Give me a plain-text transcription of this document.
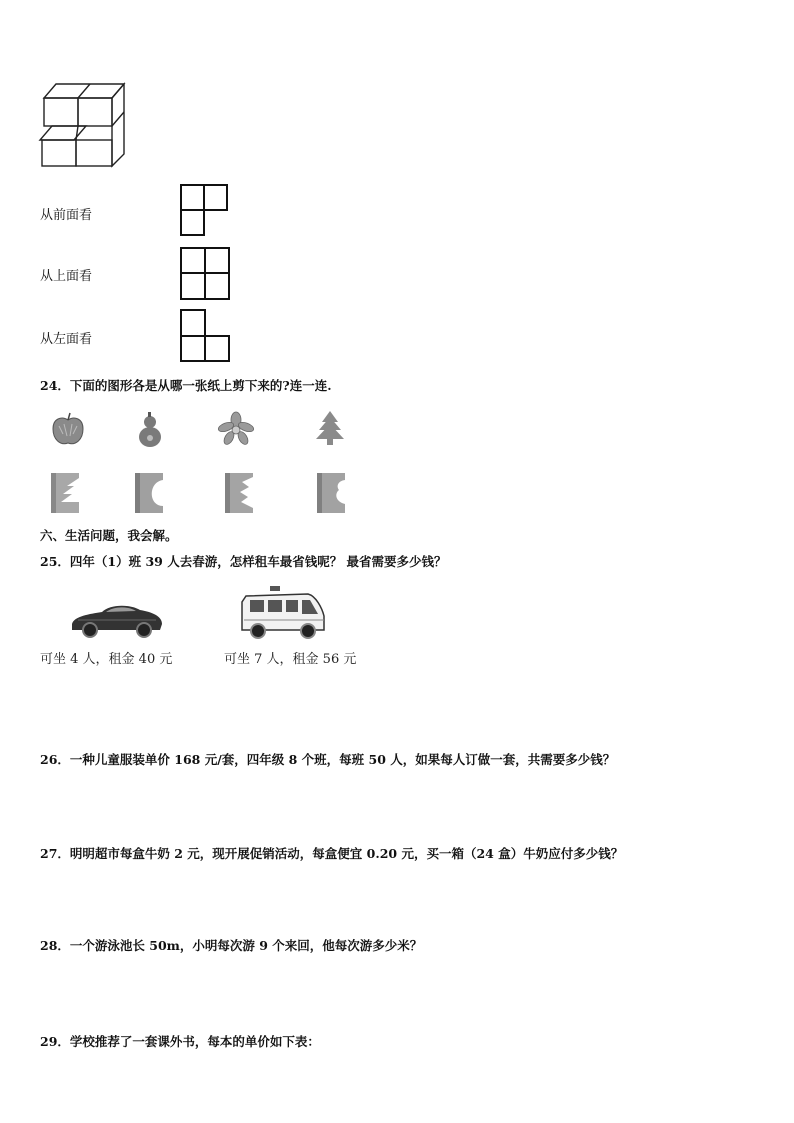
从前面看
从上面看
从左面看
24．下面的图形各是从哪一张纸上剪下来的?连一连.
六、生活问题，我会解。
25．四年（1）班 39 人去春游，怎样租车最省钱呢？ 最省需要多少钱？
可坐 4 人，租金 40 元	可坐 7 人，租金 56 元
26．一种儿童服装单价 168 元/套，四年级 8 个班，每班 50 人，如果每人订做一套，共需要多少钱？
27．明明超市每盒牛奶 2 元，现开展促销活动，每盒便宜 0.20 元，买一箱（24 盒）牛奶应付多少钱？
28．一个游泳池长 50m，小明每次游 9 个来回，他每次游多少米？
29．学校推荐了一套课外书，每本的单价如下表：
